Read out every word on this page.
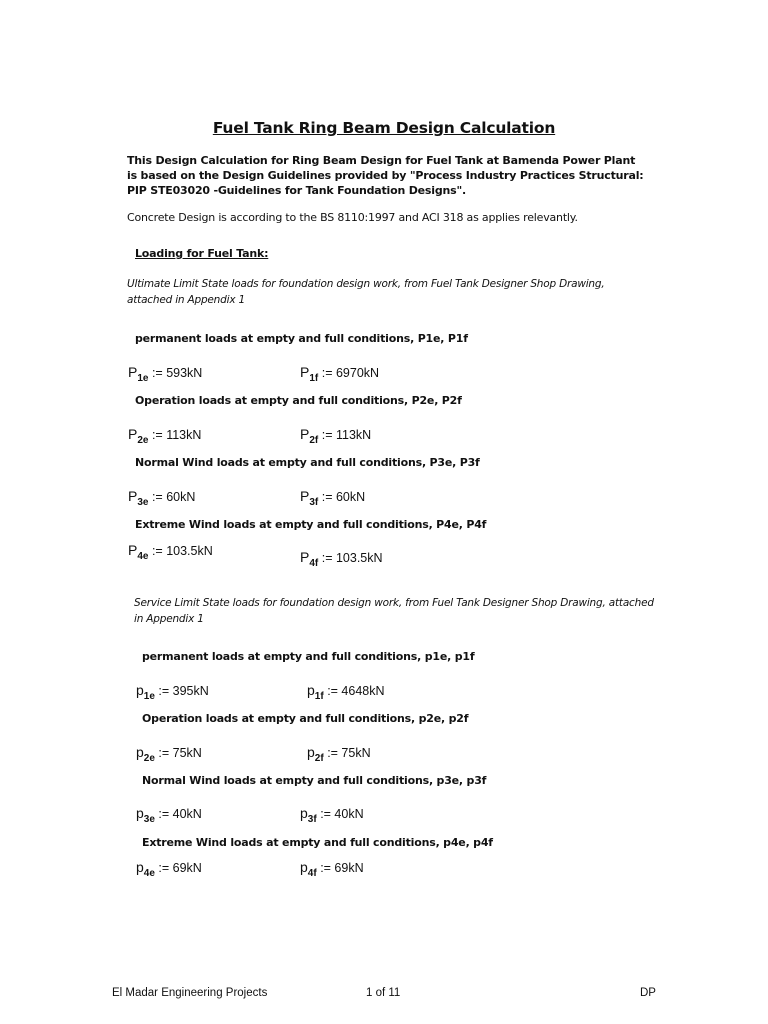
Fuel Tank Ring Beam Design Calculation
This Design Calculation for Ring Beam Design for Fuel Tank at Bamenda Power Plant is based on the Design Guidelines provided by "Process Industry Practices Structural: PIP STE03020 -Guidelines for Tank Foundation Designs".
Concrete Design is according to the BS 8110:1997 and ACI 318 as applies relevantly.
Loading for Fuel Tank:
Ultimate Limit State loads for foundation design work, from Fuel Tank Designer Shop Drawing, attached in Appendix 1
permanent loads at empty and full conditions, P1e, P1f
$P_{1e}$ := 593kN	$P_{1f}$ := 6970kN
Operation loads at empty and full conditions, P2e, P2f
$P_{2e}$ := 113kN	$P_{2f}$ := 113kN
Normal Wind loads at empty and full conditions, P3e, P3f
$P_{3e}$ := 60kN	$P_{3f}$ := 60kN
Extreme Wind loads at empty and full conditions, P4e, P4f
$P_{4e}$ := 103.5kN	$P_{4f}$ := 103.5kN
Service Limit State loads for foundation design work, from Fuel Tank Designer Shop Drawing, attached in Appendix 1
permanent loads at empty and full conditions, p1e, p1f
$p_{1e}$ := 395kN	$p_{1f}$ := 4648kN
Operation loads at empty and full conditions, p2e, p2f
$p_{2e}$ := 75kN	$p_{2f}$ := 75kN
Normal Wind loads at empty and full conditions, p3e, p3f
$p_{3e}$ := 40kN	$p_{3f}$ := 40kN
Extreme Wind loads at empty and full conditions, p4e, p4f
$p_{4e}$ := 69kN	$p_{4f}$ := 69kN
El Madar Engineering Projects	1 of 11	DP
